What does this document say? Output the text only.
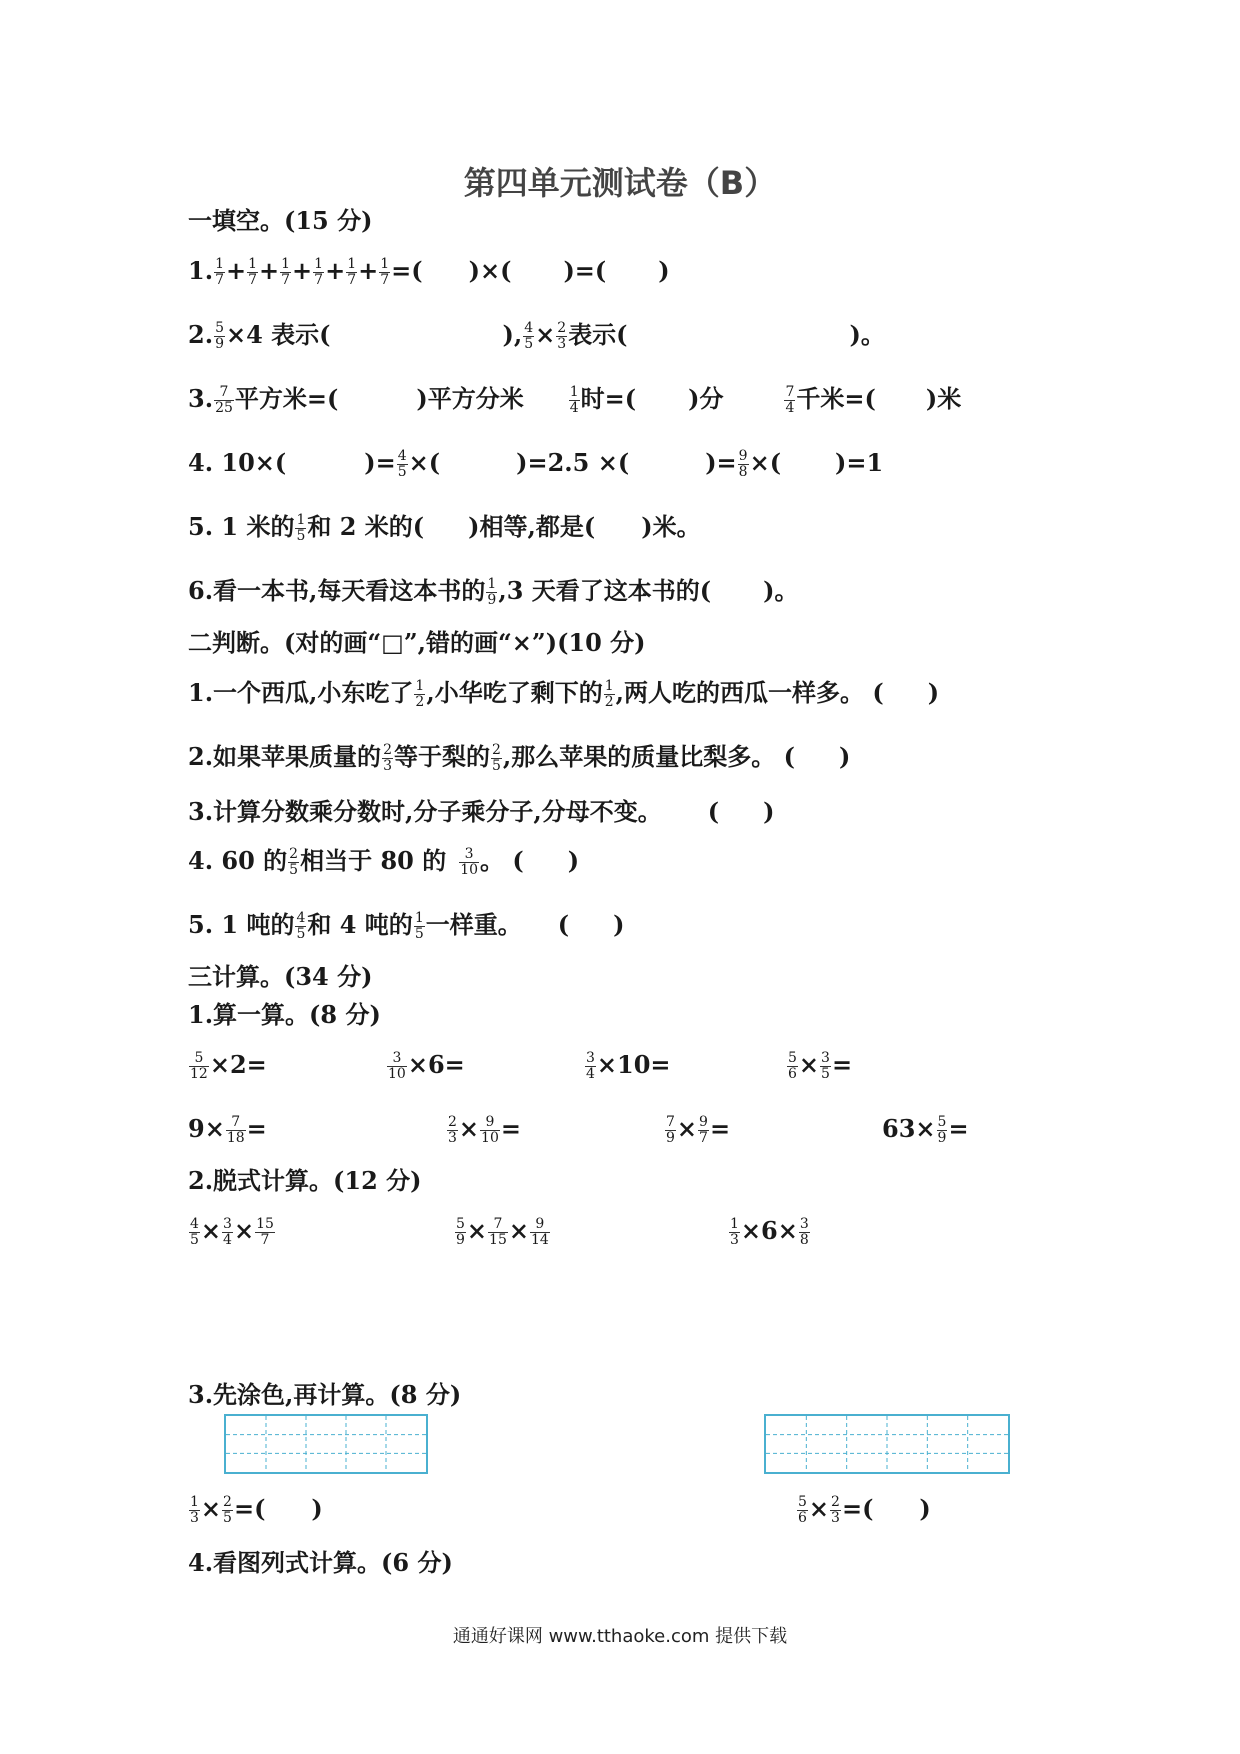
第四单元测试卷（B）
一填空。(15 分)
1. $\frac{1}{7} + \frac{1}{7} + \frac{1}{7} + \frac{1}{7} + \frac{1}{7} + \frac{1}{7}$ =( )×( )=( )
2. $\frac{5}{9} \times 4$ 表示(	), $\frac{4}{5} \times \frac{2}{3}$ 表示(	)。
3. $\frac{7}{25}$ 平方米=(	)平方分米	$\frac{1}{4}$ 时=( )分	$\frac{7}{4}$ 千米=( )米
4. 10×(	)= $\frac{4}{5}$ ×(	)=2.5 ×(	)= $\frac{9}{8}$ ×( )=1
5. 1 米的 $\frac{1}{5}$ 和 2 米的( )相等,都是( )米。
6.看一本书,每天看这本书的 $\frac{1}{9} ,3$ 天看了这本书的( )。
二判断。(对的画“□”,错的画“×”)(10 分)
1.一个西瓜,小东吃了 $\frac{1}{2}$ ,小华吃了剩下的 $\frac{1}{2}$ ,两人吃的西瓜一样多。 ( )
2.如果苹果质量的 $\frac{2}{3}$ 等于梨的 $\frac{2}{5}$ ,那么苹果的质量比梨多。 ( )
3.计算分数乘分数时,分子乘分子,分母不变。 ( )
4. 60 的 $\frac{2}{5}$ 相当于 80 的 $\frac{3}{10}$ 。 ( )
5. 1 吨的 $\frac{4}{5}$ 和 4 吨的 $\frac{1}{5}$ 一样重。 ( )
三计算。(34 分)
1.算一算。(8 分)
$\frac{5}{12} \times 2=$	$\frac{3}{10} \times 6=$	$\frac{3}{4} \times 10=$	$\frac{5}{6} \times \frac{3}{5}$ =
$9\times \frac{7}{18}$ =	$\frac{2}{3} \times \frac{9}{10}$ =	$\frac{7}{9} \times \frac{9}{7}$ =	$63\times \frac{5}{9}$ =
2.脱式计算。(12 分)
$\frac{4}{5} \times \frac{3}{4} \times \frac{15}{7}$	$\frac{5}{9} \times \frac{7}{15} \times \frac{9}{14}$	$\frac{1}{3} \times 6\times \frac{3}{8}$
3.先涂色,再计算。(8 分)
$\frac{1}{3} \times \frac{2}{5}$ =( )	$\frac{5}{6} \times \frac{2}{3}$ =( )
4.看图列式计算。(6 分)
通通好课网 www.tthaoke.com 提供下载
